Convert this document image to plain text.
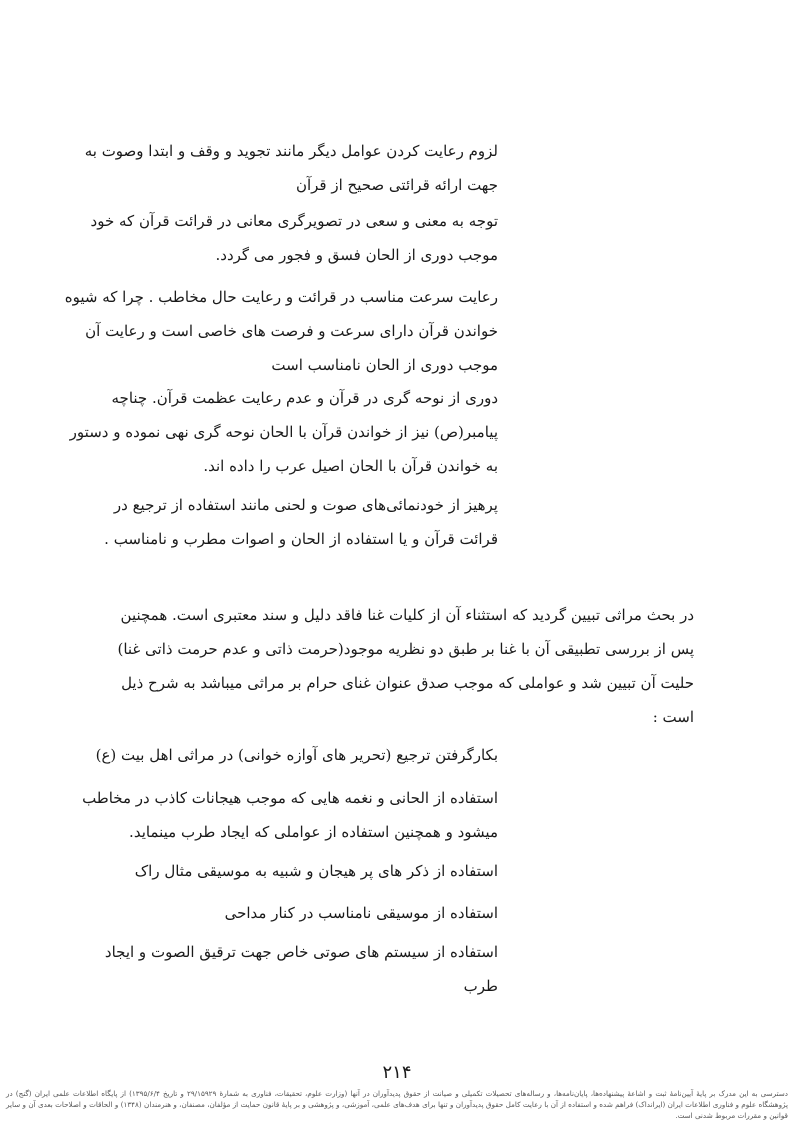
لزوم رعایت کردن عوامل دیگر مانند تجوید و وقف و ابتدا وصوت به
جهت ارائه قرائتی صحیح از قرآن
توجه به معنی و سعی در تصویرگری معانی در قرائت قرآن که خود
موجب دوری از الحان فسق و فجور می گردد.
رعایت سرعت مناسب در قرائت و رعایت حال مخاطب . چرا که شیوه
خواندن قرآن دارای سرعت و فرصت های خاصی است و رعایت آن
موجب دوری از الحان نامناسب است
دوری از نوحه گری در قرآن و عدم رعایت عظمت قرآن. چناچه
پیامبر(ص) نیز از خواندن قرآن با الحان نوحه گری نهی نموده و دستور
به خواندن قرآن با الحان اصیل عرب را داده اند.
پرهیز از خودنمائی‌های صوت و لحنی مانند استفاده از ترجیع در
قرائت قرآن و یا استفاده از الحان و اصوات مطرب و نامناسب .
در بحث مراثی تبیین گردید که استثناء آن از کلیات غنا فاقد دلیل و سند معتبری است. همچنین
پس از بررسی تطبیقی آن با غنا بر طبق دو نظریه موجود(حرمت ذاتی و عدم حرمت ذاتی غنا)
حلیت آن تبیین شد و عواملی که موجب صدق عنوان غنای حرام بر مراثی میباشد به شرح ذیل
است :
بکارگرفتن ترجیع (تحریر های آوازه خوانی) در مراثی اهل بیت (ع)
استفاده از الحانی و نغمه هایی که موجب هیجانات کاذب در مخاطب
میشود و همچنین استفاده از عواملی که ایجاد طرب مینماید.
استفاده از ذکر های پر هیجان و شبیه به موسیقی مثال راک
استفاده از موسیقی نامناسب در کنار مداحی
استفاده از سیستم های صوتی خاص جهت ترقیق الصوت و ایجاد
طرب
۲۱۴
دسترسی به این مدرک بر پایهٔ آیین‌نامهٔ ثبت و اشاعهٔ پیشنهاده‌ها، پایان‌نامه‌ها، و رساله‌های تحصیلات تکمیلی و صیانت از حقوق پدیدآوران در آنها (وزارت علوم، تحقیقات، فناوری به شمارهٔ ۲۹/۱۵۹۲۹ و تاریخ ۱۳۹۵/۶/۴) از پایگاه اطلاعات علمی ایران (گنج) در پژوهشگاه علوم و فناوری اطلاعات ایران (ایرانداک) فراهم شده و استفاده از آن با رعایت کامل حقوق پدیدآوران و تنها برای هدف‌های علمی، آموزشی، و پژوهشی و بر پایهٔ قانون حمایت از مؤلفان، مصنفان، و هنرمندان (۱۳۴۸) و الحاقات و اصلاحات بعدی آن و سایر قوانین و مقررات مربوط شدنی است.
